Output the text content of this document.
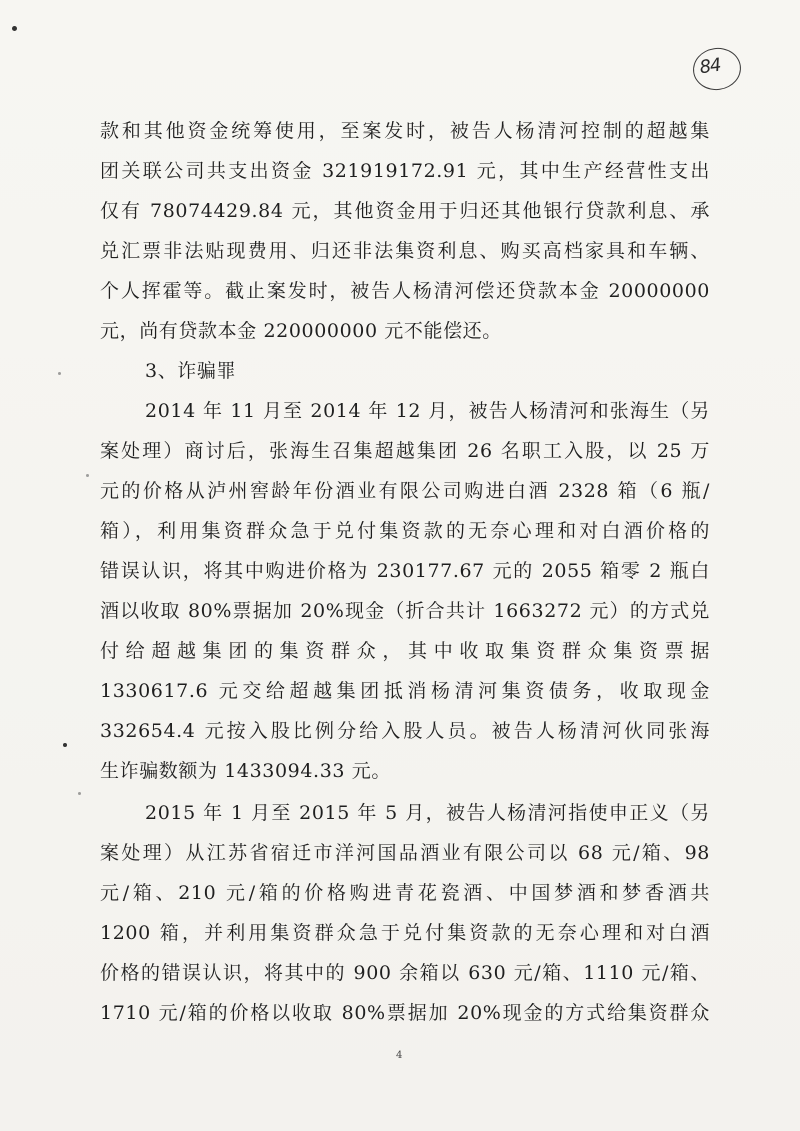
84
款和其他资金统筹使用，至案发时，被告人杨清河控制的超越集
团关联公司共支出资金 321919172.91 元，其中生产经营性支出
仅有 78074429.84 元，其他资金用于归还其他银行贷款利息、承
兑汇票非法贴现费用、归还非法集资利息、购买高档家具和车辆、
个人挥霍等。截止案发时，被告人杨清河偿还贷款本金 20000000
元，尚有贷款本金 220000000 元不能偿还。
3、诈骗罪
2014 年 11 月至 2014 年 12 月，被告人杨清河和张海生（另
案处理）商讨后，张海生召集超越集团 26 名职工入股，以 25 万
元的价格从泸州窖龄年份酒业有限公司购进白酒 2328 箱（6 瓶/
箱），利用集资群众急于兑付集资款的无奈心理和对白酒价格的
错误认识，将其中购进价格为 230177.67 元的 2055 箱零 2 瓶白
酒以收取 80%票据加 20%现金（折合共计 1663272 元）的方式兑
付给超越集团的集资群众，其中收取集资群众集资票据
1330617.6 元交给超越集团抵消杨清河集资债务，收取现金
332654.4 元按入股比例分给入股人员。被告人杨清河伙同张海
生诈骗数额为 1433094.33 元。
2015 年 1 月至 2015 年 5 月，被告人杨清河指使申正义（另
案处理）从江苏省宿迁市洋河国品酒业有限公司以 68 元/箱、98
元/箱、210 元/箱的价格购进青花瓷酒、中国梦酒和梦香酒共
1200 箱，并利用集资群众急于兑付集资款的无奈心理和对白酒
价格的错误认识，将其中的 900 余箱以 630 元/箱、1110 元/箱、
1710 元/箱的价格以收取 80%票据加 20%现金的方式给集资群众
4
